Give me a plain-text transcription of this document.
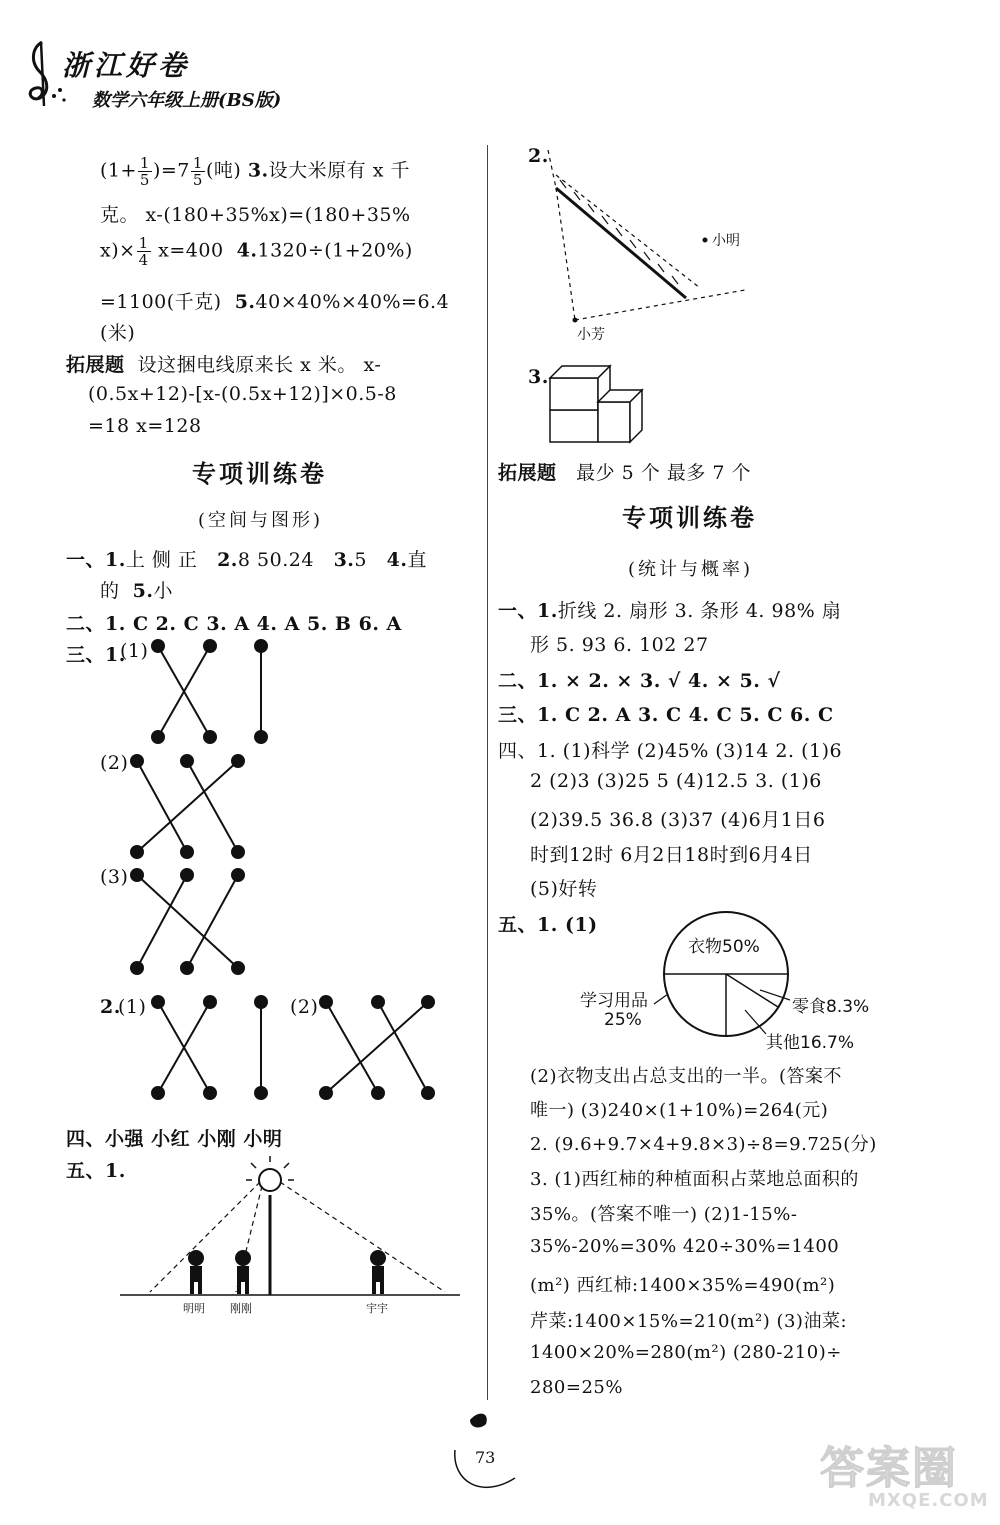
浙江好卷
数学六年级上册(BS版)
$(1+ \frac{1}{5} )=7 \frac{1}{5}$ (吨) 3.设大米原有 x 千
克。 x-(180+35%x)=(180+35%
$x)\times \frac{1}{4} x=400$ 4.1320÷(1+20%)
=1100(千克) 5.40×40%×40%=6.4
(米)
拓展题 设这捆电线原来长 x 米。 x-
(0.5x+12)-[x-(0.5x+12)]×0.5-8
=18 x=128
专项训练卷
(空间与图形)
一、1.上 侧 正 2.8 50.24 3.5 4.直
的 5.小
二、1. C 2. C 3. A 4. A 5. B 6. A
三、1.
(1)
(2)
(3)
2.
(1)	(2)
四、小强 小红 小刚 小明
五、1.
明明 刚刚	宇宇
2.
小明
小芳
3.
拓展题 最少 5 个 最多 7 个
专项训练卷
(统计与概率)
一、1.折线 2. 扇形 3. 条形 4. 98% 扇
形 5. 93 6. 102 27
二、1. × 2. × 3. √ 4. × 5. √
三、1. C 2. A 3. C 4. C 5. C 6. C
四、1. (1)科学 (2)45% (3)14 2. (1)6
2 (2)3 (3)25 5 (4)12.5 3. (1)6
(2)39.5 36.8 (3)37 (4)6月1日6
时到12时 6月2日18时到6月4日
(5)好转
五、1. (1)
衣物50%
学习用品
25%
零食8.3%
其他16.7%
(2)衣物支出占总支出的一半。(答案不
唯一) (3)240×(1+10%)=264(元)
2. (9.6+9.7×4+9.8×3)÷8=9.725(分)
3. (1)西红柿的种植面积占菜地总面积的
35%。(答案不唯一) (2)1-15%-
35%-20%=30% 420÷30%=1400
(m²) 西红柿:1400×35%=490(m²)
芹菜:1400×15%=210(m²) (3)油菜:
1400×20%=280(m²) (280-210)÷
280=25%
73	答案圈
MXQE.COM
